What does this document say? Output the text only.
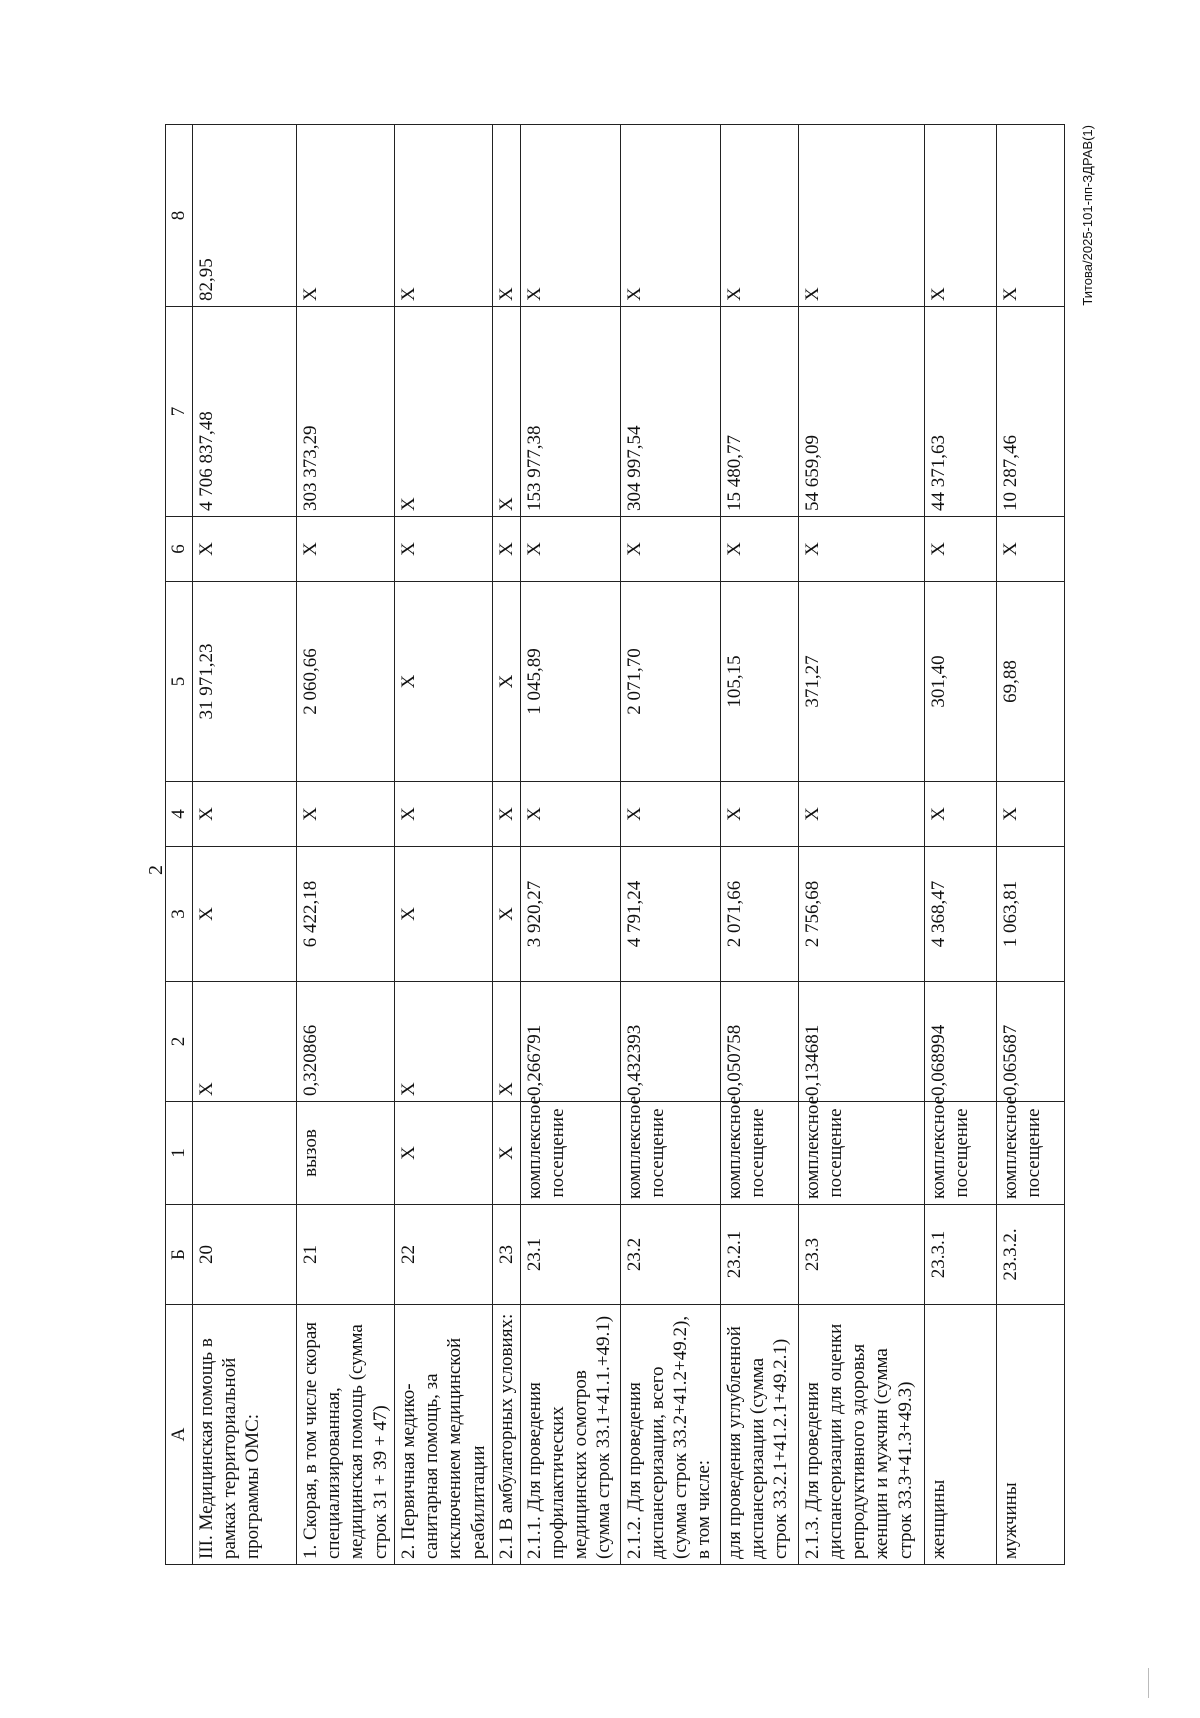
2
А	Б	1	2	3	4	5	6	7	8
III. Медицинская помощь в рамках территориальной программы ОМС:	20		Х	Х	Х	31 971,23	Х	4 706 837,48	82,95
1. Скорая, в том числе скорая специализированная, медицинская помощь (сумма строк 31 + 39 + 47)	21	вызов	0,320866	6 422,18	Х	2 060,66	Х	303 373,29	Х
2. Первичная медико-санитарная помощь, за исключением медицинской реабилитации	22	Х	Х	Х	Х	Х	Х	Х	Х
2.1 В амбулаторных условиях:	23	Х	Х	Х	Х	Х	Х	Х	Х
2.1.1. Для проведения профилактических медицинских осмотров (сумма строк 33.1+41.1.+49.1)	23.1	комплексное посещение	0,266791	3 920,27	Х	1 045,89	Х	153 977,38	Х
2.1.2. Для проведения диспансеризации, всего (сумма строк 33.2+41.2+49.2), в том числе:	23.2	комплексное посещение	0,432393	4 791,24	Х	2 071,70	Х	304 997,54	Х
для проведения углубленной диспансеризации (сумма строк 33.2.1+41.2.1+49.2.1)	23.2.1	комплексное посещение	0,050758	2 071,66	Х	105,15	Х	15 480,77	Х
2.1.3. Для проведения диспансеризации для оценки репродуктивного здоровья женщин и мужчин (сумма строк 33.3+41.3+49.3)	23.3	комплексное посещение	0,134681	2 756,68	Х	371,27	Х	54 659,09	Х
женщины	23.3.1	комплексное посещение	0,068994	4 368,47	Х	301,40	Х	44 371,63	Х
мужчины	23.3.2.	комплексное посещение	0,065687	1 063,81	Х	69,88	Х	10 287,46	Х	Титова/2025-101-пп-ЗДРАВ(1)
